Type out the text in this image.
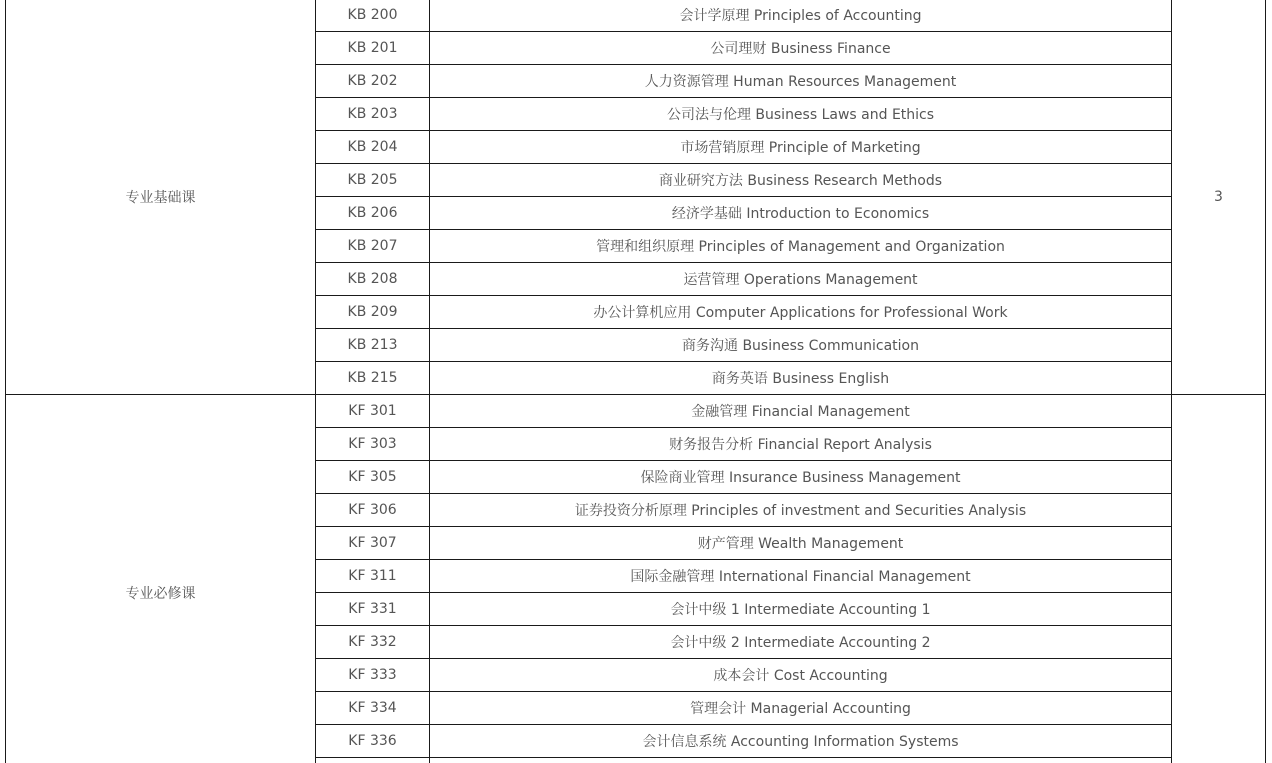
专业基础课	KB 200	会计学原理 Principles of Accounting	3
	KB 201	公司理财 Business Finance	
	KB 202	人力资源管理 Human Resources Management	
	KB 203	公司法与伦理 Business Laws and Ethics	
	KB 204	市场营销原理 Principle of Marketing	
	KB 205	商业研究方法 Business Research Methods	
	KB 206	经济学基础 Introduction to Economics	
	KB 207	管理和组织原理 Principles of Management and Organization	
	KB 208	运营管理 Operations Management	
	KB 209	办公计算机应用 Computer Applications for Professional Work	
	KB 213	商务沟通 Business Communication	
	KB 215	商务英语 Business English	
专业必修课	KF 301	金融管理 Financial Management	
	KF 303	财务报告分析 Financial Report Analysis	
	KF 305	保险商业管理 Insurance Business Management	
	KF 306	证券投资分析原理 Principles of investment and Securities Analysis	
	KF 307	财产管理 Wealth Management	
	KF 311	国际金融管理 International Financial Management	
	KF 331	会计中级 1 Intermediate Accounting 1	
	KF 332	会计中级 2 Intermediate Accounting 2	
	KF 333	成本会计 Cost Accounting	
	KF 334	管理会计 Managerial Accounting	
	KF 336	会计信息系统 Accounting Information Systems	
